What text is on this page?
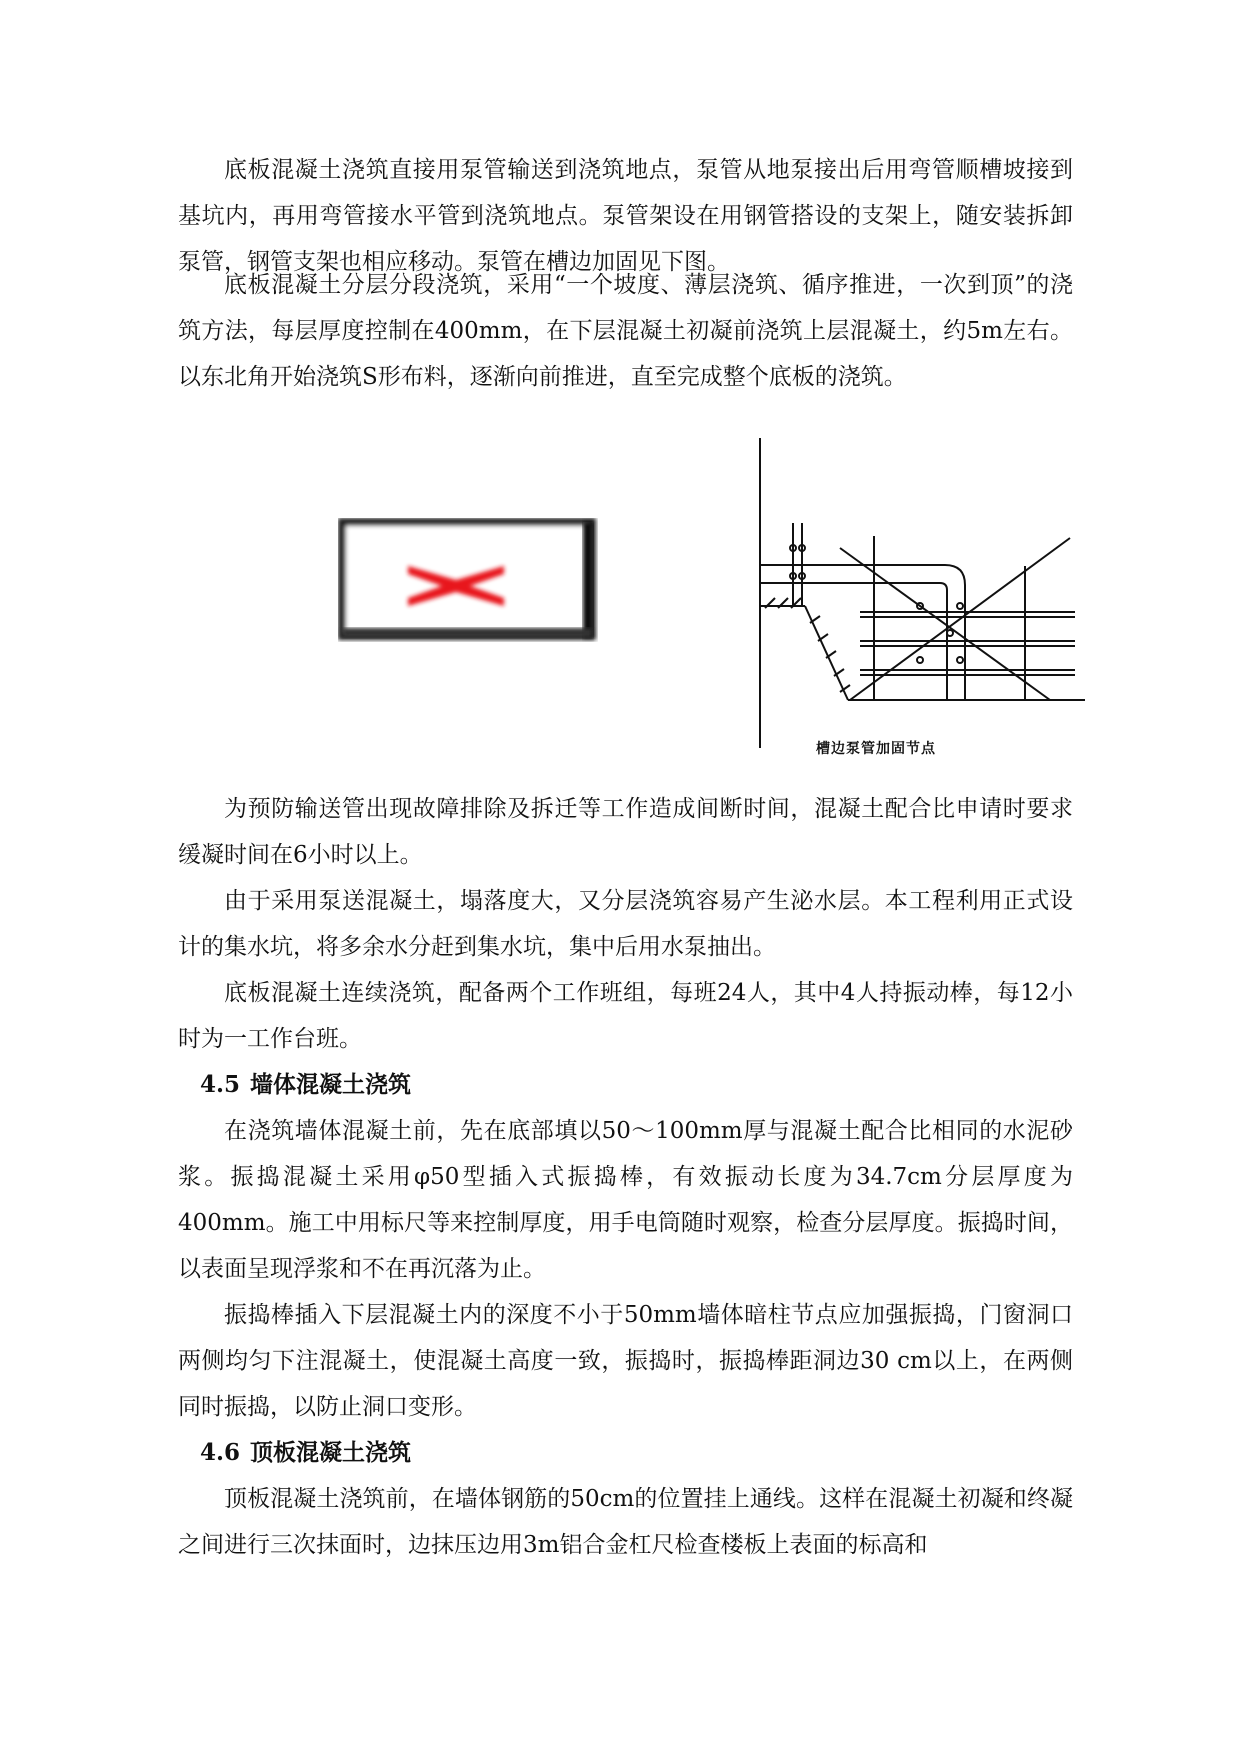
底板混凝土浇筑直接用泵管输送到浇筑地点，泵管从地泵接出后用弯管顺槽坡接到基坑内，再用弯管接水平管到浇筑地点。泵管架设在用钢管搭设的支架上，随安装拆卸泵管，钢管支架也相应移动。泵管在槽边加固见下图。

底板混凝土分层分段浇筑，采用“一个坡度、薄层浇筑、循序推进，一次到顶”的浇筑方法，每层厚度控制在400mm，在下层混凝土初凝前浇筑上层混凝土，约5m左右。以东北角开始浇筑S形布料，逐渐向前推进，直至完成整个底板的浇筑。

槽边泵管加固节点

为预防输送管出现故障排除及拆迁等工作造成间断时间，混凝土配合比申请时要求缓凝时间在6小时以上。

由于采用泵送混凝土，塌落度大，又分层浇筑容易产生泌水层。本工程利用正式设计的集水坑，将多余水分赶到集水坑，集中后用水泵抽出。

底板混凝土连续浇筑，配备两个工作班组，每班24人，其中4人持振动棒，每12小时为一工作台班。

4.5 墙体混凝土浇筑

在浇筑墙体混凝土前，先在底部填以50～100mm厚与混凝土配合比相同的水泥砂浆。振捣混凝土采用φ50型插入式振捣棒，有效振动长度为34.7cm分层厚度为400mm。施工中用标尺等来控制厚度，用手电筒随时观察，检查分层厚度。振捣时间，以表面呈现浮浆和不在再沉落为止。

振捣棒插入下层混凝土内的深度不小于50mm墙体暗柱节点应加强振捣，门窗洞口两侧均匀下注混凝土，使混凝土高度一致，振捣时，振捣棒距洞边30 cm以上，在两侧同时振捣，以防止洞口变形。

4.6 顶板混凝土浇筑

顶板混凝土浇筑前，在墙体钢筋的50cm的位置挂上通线。这样在混凝土初凝和终凝之间进行三次抹面时，边抹压边用3m铝合金杠尺检查楼板上表面的标高和
